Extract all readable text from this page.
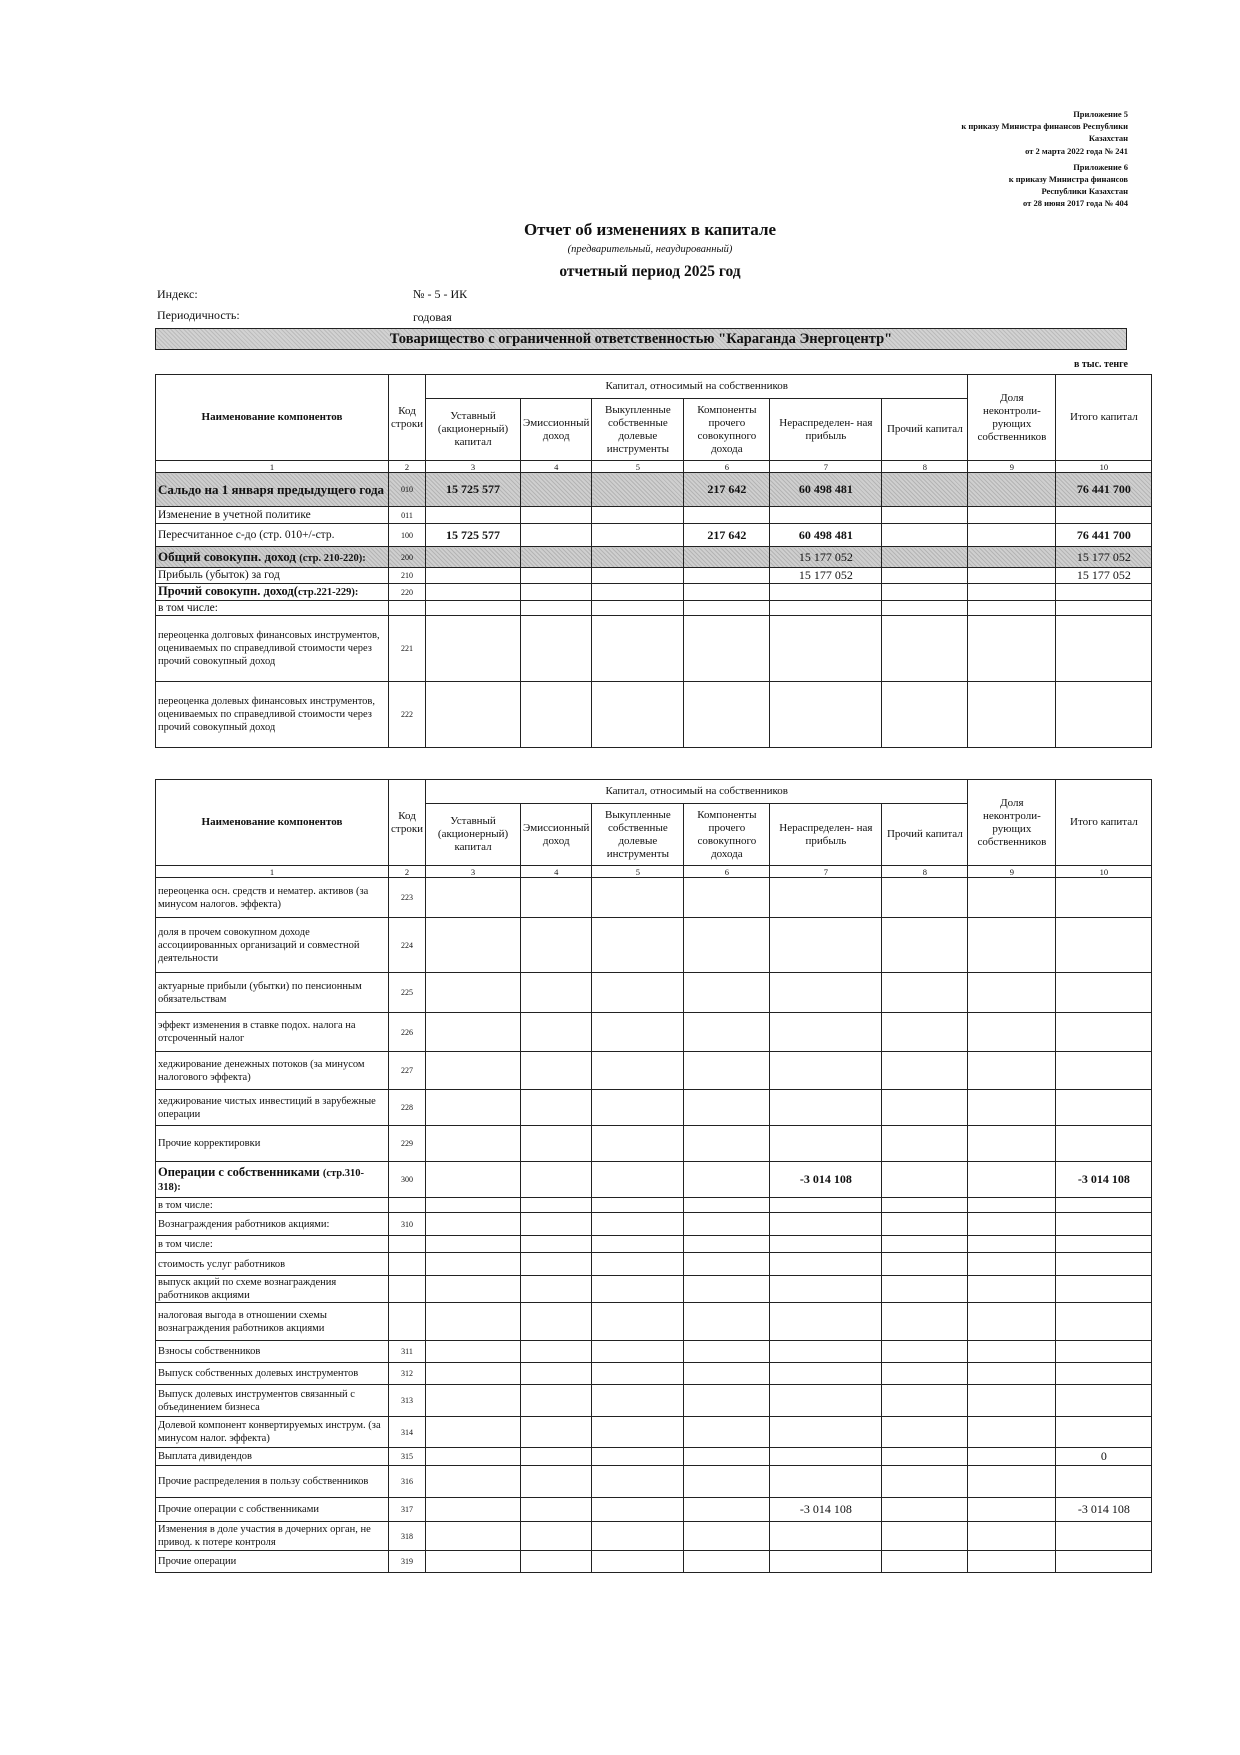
Приложение 5
к приказу Министра финансов Республики
Казахстан
от 2 марта 2022 года № 241
Приложение 6
к приказу Министра финансов
Республики Казахстан
от 28 июня 2017 года № 404
Отчет об изменениях в капитале
(предварительный, неаудированный)
отчетный период 2025 год
Индекс:	№ - 5 - ИК
Периодичность:	годовая
Товарищество с ограниченной ответственностью "Караганда Энергоцентр"
в тыс. тенге
Наименование компонентов	Код строки	Капитал, относимый на собственников						Доля неконтроли- рующих собственников	Итого капитал
		Уставный (акционерный) капитал	Эмиссионный доход	Выкупленные собственные долевые инструменты	Компоненты прочего совокупного дохода	Нераспределен- ная прибыль	Прочий капитал		
1	2	3	4	5	6	7	8	9	10
Сальдо на 1 января предыдущего года	010	15 725 577			217 642	60 498 481			76 441 700
Изменение в учетной политике	011								
Пересчитанное с-до (стр. 010+/-стр.	100	15 725 577			217 642	60 498 481			76 441 700
Общий совокупн. доход (стр. 210-220):	200					15 177 052			15 177 052
Прибыль (убыток) за год	210					15 177 052			15 177 052
Прочий совокупн. доход(стр.221-229):	220								
в том числе:									
переоценка долговых финансовых инструментов, оцениваемых по справедливой стоимости через прочий совокупный доход	221								
переоценка долевых финансовых инструментов, оцениваемых по справедливой стоимости через прочий совокупный доход	222								
Наименование компонентов	Код строки	Капитал, относимый на собственников						Доля неконтроли- рующих собственников	Итого капитал
		Уставный (акционерный) капитал	Эмиссионный доход	Выкупленные собственные долевые инструменты	Компоненты прочего совокупного дохода	Нераспределен- ная прибыль	Прочий капитал		
1	2	3	4	5	6	7	8	9	10
переоценка осн. средств и нематер. активов (за минусом налогов. эффекта)	223								
доля в прочем совокупном доходе ассоциированных организаций и совместной деятельности	224								
актуарные прибыли (убытки) по пенсионным обязательствам	225								
эффект изменения в ставке подох. налога на отсроченный налог	226								
хеджирование денежных потоков (за минусом налогового эффекта)	227								
хеджирование чистых инвестиций в зарубежные операции	228								
Прочие корректировки	229								
Операции с собственниками (стр.310-318):	300					-3 014 108			-3 014 108
в том числе:									
Вознаграждения работников акциями:	310								
в том числе:									
стоимость услуг работников									
выпуск акций по схеме вознаграждения работников акциями									
налоговая выгода в отношении схемы вознаграждения работников акциями									
Взносы собственников	311								
Выпуск собственных долевых инструментов	312								
Выпуск долевых инструментов связанный с объединением бизнеса	313								
Долевой компонент конвертируемых инструм. (за минусом налог. эффекта)	314								
Выплата дивидендов	315								0
Прочие распределения в пользу собственников	316								
Прочие операции с собственниками	317					-3 014 108			-3 014 108
Изменения в доле участия в дочерних орган, не привод. к потере контроля	318								
Прочие операции	319								
